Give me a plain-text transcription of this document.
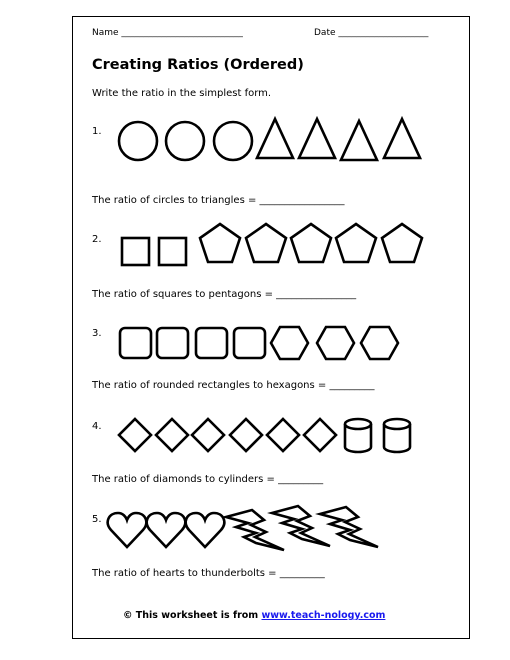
Name ___________________________	Date ____________________
Creating Ratios (Ordered)
Write the ratio in the simplest form.
1.
The ratio of circles to triangles = _________________
2.
The ratio of squares to pentagons = ________________
3.
The ratio of rounded rectangles to hexagons = _________
4.
The ratio of diamonds to cylinders = _________
5.
The ratio of hearts to thunderbolts = _________
© This worksheet is from www.teach-nology.com
